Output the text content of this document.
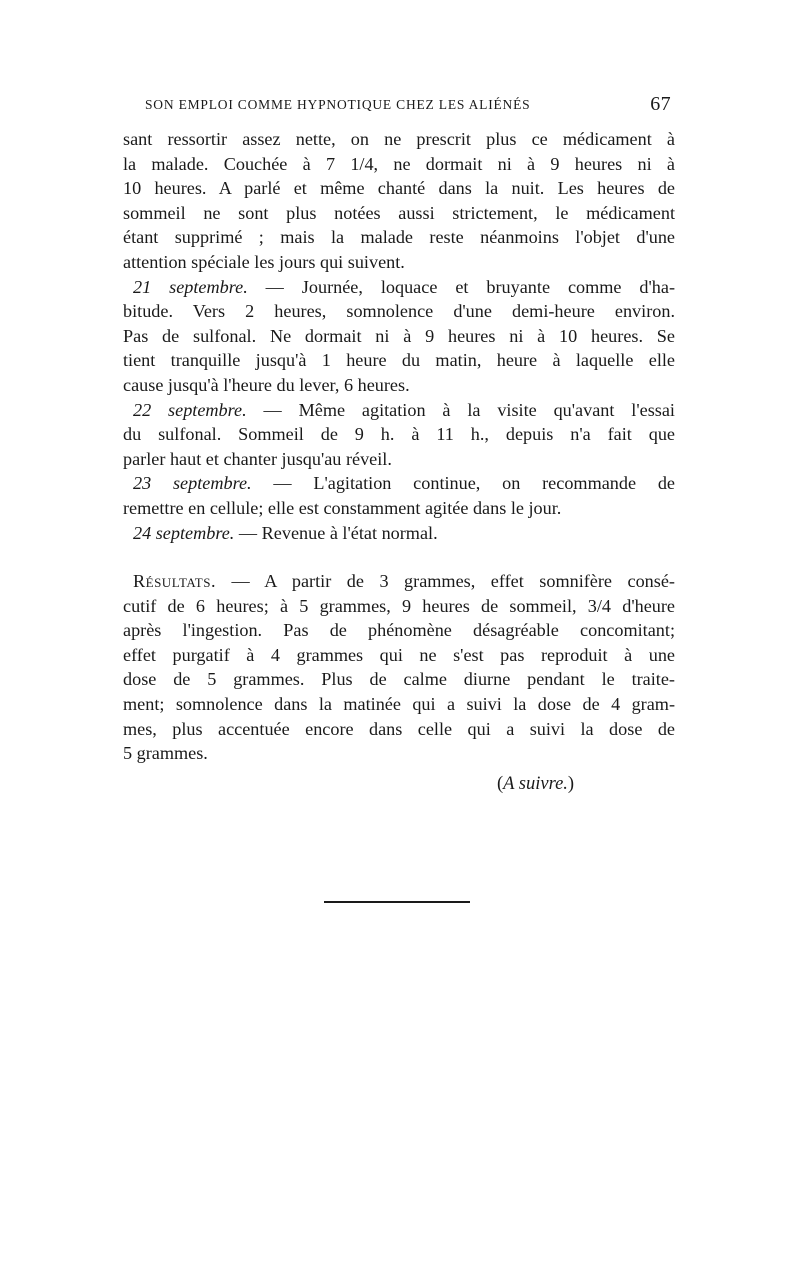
SON EMPLOI COMME HYPNOTIQUE CHEZ LES ALIÉNÉS	67
sant ressortir assez nette, on ne prescrit plus ce médicament à
la malade. Couchée à 7 1/4, ne dormait ni à 9 heures ni à
10 heures. A parlé et même chanté dans la nuit. Les heures de
sommeil ne sont plus notées aussi strictement, le médicament
étant supprimé ; mais la malade reste néanmoins l'objet d'une
attention spéciale les jours qui suivent.
21 septembre. — Journée, loquace et bruyante comme d'ha-
bitude. Vers 2 heures, somnolence d'une demi-heure environ.
Pas de sulfonal. Ne dormait ni à 9 heures ni à 10 heures. Se
tient tranquille jusqu'à 1 heure du matin, heure à laquelle elle
cause jusqu'à l'heure du lever, 6 heures.
22 septembre. — Même agitation à la visite qu'avant l'essai
du sulfonal. Sommeil de 9 h. à 11 h., depuis n'a fait que
parler haut et chanter jusqu'au réveil.
23 septembre. — L'agitation continue, on recommande de
remettre en cellule; elle est constamment agitée dans le jour.
24 septembre. — Revenue à l'état normal.
Résultats. — A partir de 3 grammes, effet somnifère consé-
cutif de 6 heures; à 5 grammes, 9 heures de sommeil, 3/4 d'heure
après l'ingestion. Pas de phénomène désagréable concomitant;
effet purgatif à 4 grammes qui ne s'est pas reproduit à une
dose de 5 grammes. Plus de calme diurne pendant le traite-
ment; somnolence dans la matinée qui a suivi la dose de 4 gram-
mes, plus accentuée encore dans celle qui a suivi la dose de
5 grammes.
(A suivre.)
